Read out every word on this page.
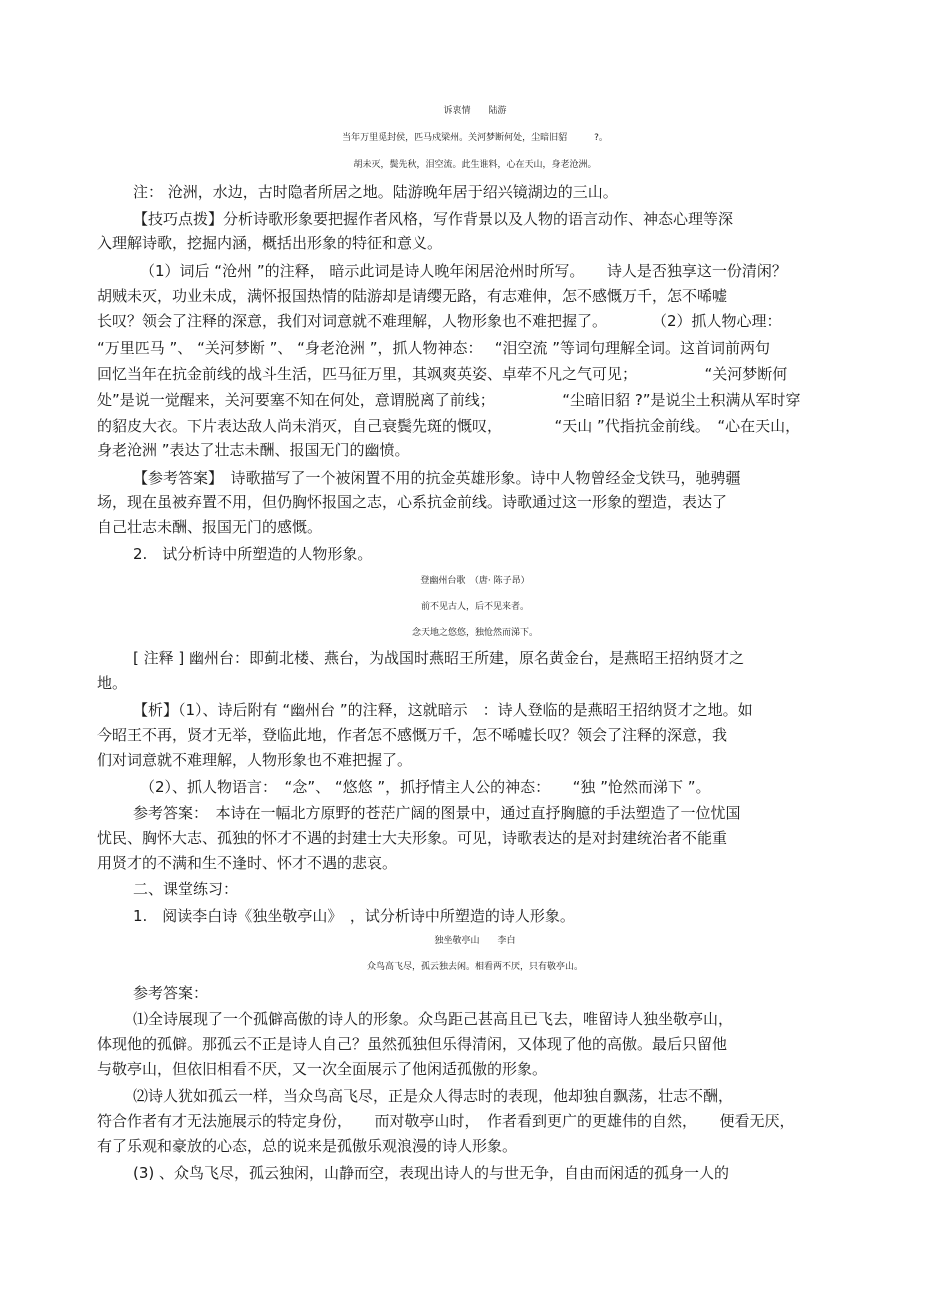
诉衷情　　陆游
当年万里觅封侯，匹马戍梁州。关河梦断何处，尘暗旧貂　　　?。
胡未灭，鬓先秋，泪空流。此生谁料，心在天山，身老沧洲。
注： 沧洲，水边，古时隐者所居之地。陆游晚年居于绍兴镜湖边的三山。
【技巧点拨】分析诗歌形象要把握作者风格，写作背景以及人物的语言动作、神态心理等深
入理解诗歌，挖掘内涵，概括出形象的特征和意义。
（1）词后 “沧州 ”的注释， 暗示此词是诗人晚年闲居沧州时所写。　　诗人是否独享这一份清闲？
胡贼未灭，功业未成，满怀报国热情的陆游却是请缨无路，有志难伸，怎不感慨万千，怎不唏嘘
长叹？领会了注释的深意，我们对词意就不难理解，人物形象也不难把握了。　　　　（2）抓人物心理：
“万里匹马 ”、 “关河梦断 ”、 “身老沧洲 ”，抓人物神态：　 “泪空流 ”等词句理解全词。这首词前两句
回忆当年在抗金前线的战斗生活，匹马征万里，其飒爽英姿、卓荦不凡之气可见；　　　　　“关河梦断何
处”是说一觉醒来，关河要塞不知在何处，意谓脱离了前线；　　　　　“尘暗旧貂 ?”是说尘土积满从军时穿
的貂皮大衣。下片表达敌人尚未消灭，自己衰鬓先斑的慨叹，　　　　“天山 ”代指抗金前线。　“心在天山，
身老沧洲 ”表达了壮志未酬、报国无门的幽愤。
【参考答案】　诗歌描写了一个被闲置不用的抗金英雄形象。诗中人物曾经金戈铁马，驰骋疆
场，现在虽被弃置不用，但仍胸怀报国之志，心系抗金前线。诗歌通过这一形象的塑造，表达了
自己壮志未酬、报国无门的感慨。
2.　试分析诗中所塑造的人物形象。
登幽州台歌　（唐· 陈子昂）
前不见古人，后不见来者。
念天地之悠悠，独怆然而涕下。
[ 注释 ] 幽州台：即蓟北楼、燕台，为战国时燕昭王所建，原名黄金台，是燕昭王招纳贤才之
地。
【析】（1）、诗后附有 “幽州台 ”的注释，这就暗示　：诗人登临的是燕昭王招纳贤才之地。如
今昭王不再，贤才无举，登临此地，作者怎不感慨万千，怎不唏嘘长叹？领会了注释的深意，我
们对词意就不难理解，人物形象也不难把握了。
（2）、抓人物语言：　“念”、 “悠悠 ”，抓抒情主人公的神态：　　“独 ”怆然而涕下 ”。
参考答案：　本诗在一幅北方原野的苍茫广阔的图景中，通过直抒胸臆的手法塑造了一位忧国
忧民、胸怀大志、孤独的怀才不遇的封建士大夫形象。可见，诗歌表达的是对封建统治者不能重
用贤才的不满和生不逢时、怀才不遇的悲哀。
二、课堂练习：
1.　阅读李白诗《独坐敬亭山》　，试分析诗中所塑造的诗人形象。
独坐敬亭山　　李白
众鸟高飞尽，孤云独去闲。相看两不厌，只有敬亭山。
参考答案：
⑴全诗展现了一个孤僻高傲的诗人的形象。众鸟距己甚高且已飞去，唯留诗人独坐敬亭山，
体现他的孤僻。那孤云不正是诗人自己？虽然孤独但乐得清闲，又体现了他的高傲。最后只留他
与敬亭山，但依旧相看不厌，又一次全面展示了他闲适孤傲的形象。
⑵诗人犹如孤云一样，当众鸟高飞尽，正是众人得志时的表现，他却独自飘荡，壮志不酬，
符合作者有才无法施展示的特定身份，　　而对敬亭山时，　作者看到更广的更雄伟的自然，　　便看无厌，
有了乐观和豪放的心态，总的说来是孤傲乐观浪漫的诗人形象。
(3) 、众鸟飞尽，孤云独闲，山静而空，表现出诗人的与世无争，自由而闲适的孤身一人的
